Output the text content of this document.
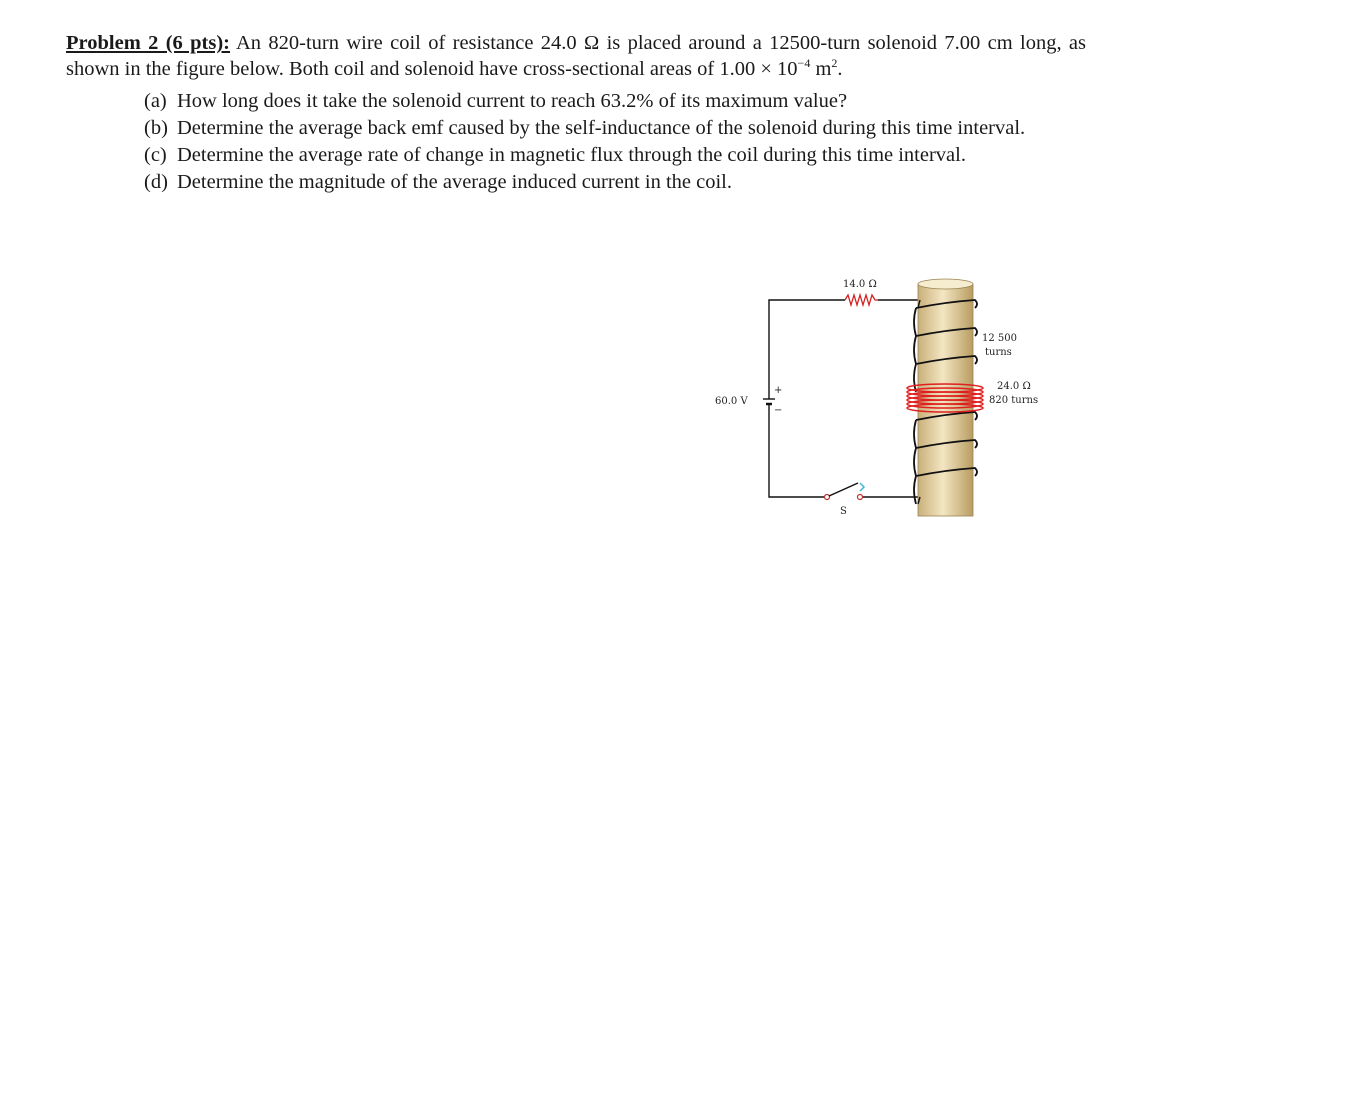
Problem 2 (6 pts): An 820-turn wire coil of resistance 24.0 Ω is placed around a 12500-turn solenoid 7.00 cm long, as shown in the figure below. Both coil and solenoid have cross-sectional areas of $1.00 \times 10^{-4}$ $m^2$.

(a) How long does it take the solenoid current to reach 63.2% of its maximum value?
(b) Determine the average back emf caused by the self-inductance of the solenoid during this time interval.
(c) Determine the average rate of change in magnetic flux through the coil during this time interval.
(d) Determine the magnitude of the average induced current in the coil.
14.0 Ω
+
−
60.0 V
S
12 500
turns
24.0 Ω
820 turns
